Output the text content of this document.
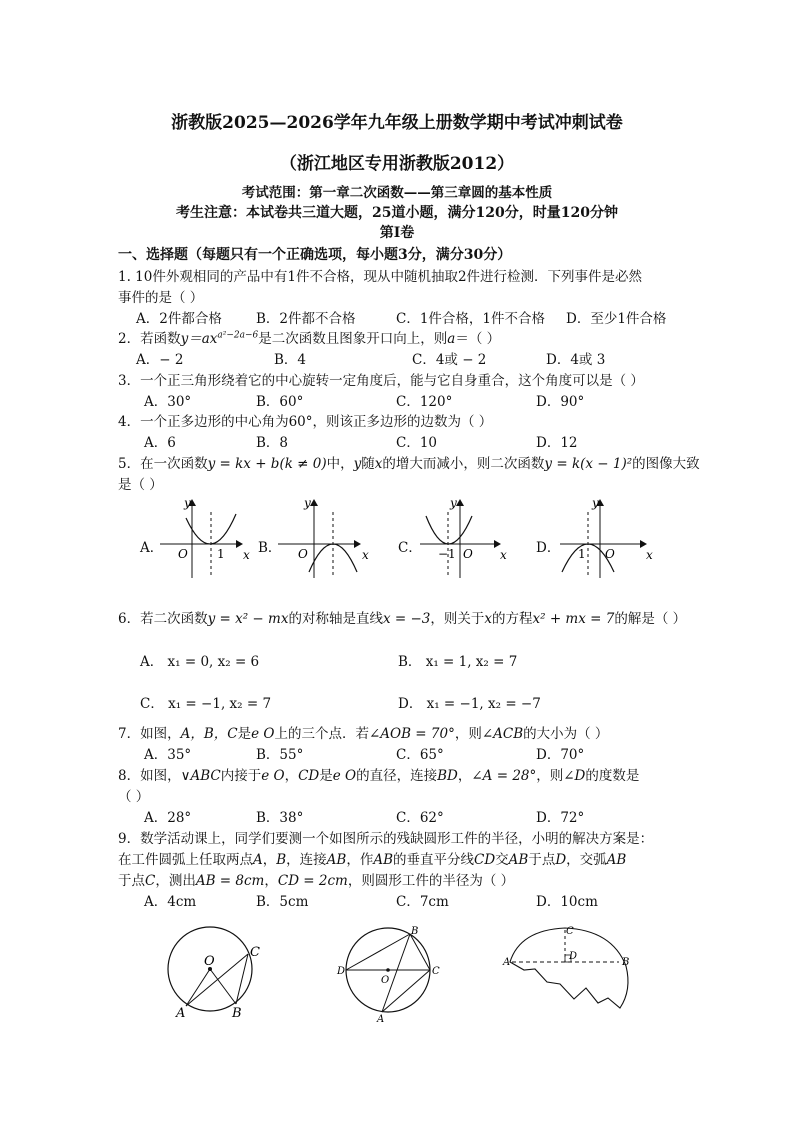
浙教版2025—2026学年九年级上册数学期中考试冲刺试卷
（浙江地区专用浙教版2012）
考试范围：第一章二次函数——第三章圆的基本性质
考生注意：本试卷共三道大题，25道小题，满分120分，时量120分钟
第Ⅰ卷
一、选择题（每题只有一个正确选项，每小题3分，满分30分）
1. 10件外观相同的产品中有1件不合格，现从中随机抽取2件进行检测．下列事件是必然
事件的是（ ）
A．2件都合格	B．2件都不合格	C．1件合格，1件不合格 D．至少1件合格
2．若函数$y=ax^{a^2-2a-6}$是二次函数且图象开口向上，则a＝（ ）
A．− 2	B．4	C．4或 − 2	D．4或 3
3．一个正三角形绕着它的中心旋转一定角度后，能与它自身重合，这个角度可以是（ ）
A．30°	B．60°	C．120°	D．90°
4．一个正多边形的中心角为60°，则该正多边形的边数为（ ）
A．6	B．8	C．10	D．12
5．在一次函数y = kx + b(k ≠ 0)中，y随x的增大而减小，则二次函数y = k(x − 1)²的图像大致
是（ ）
A．	B．	C．	D．
y
O 1 x
y
O	x
y
−1 O x
y
1 O	x
O
A	B
C
B
D	C
O
A
C
A
D
B
6．若二次函数y = x² − mx的对称轴是直线x = −3，则关于x的方程x² + mx = 7的解是（ ）
A． x₁ = 0, x₂ = 6	B． x₁ = 1, x₂ = 7
C． x₁ = −1, x₂ = 7	D． x₁ = −1, x₂ = −7
7．如图，A，B，C是e O上的三个点．若∠AOB = 70°，则∠ACB的大小为（ ）
A．35°	B．55°	C．65°	D．70°
8．如图，∨ABC内接于e O，CD是e O的直径，连接BD，∠A = 28°，则∠D的度数是
（ ）
A．28°	B．38°	C．62°	D．72°
9．数学活动课上，同学们要测一个如图所示的残缺圆形工件的半径，小明的解决方案是：
在工件圆弧上任取两点A，B，连接AB，作AB的垂直平分线CD交AB于点D，交弧AB
于点C，测出AB = 8cm，CD = 2cm，则圆形工件的半径为（ ）
A．4cm	B．5cm	C．7cm	D．10cm
